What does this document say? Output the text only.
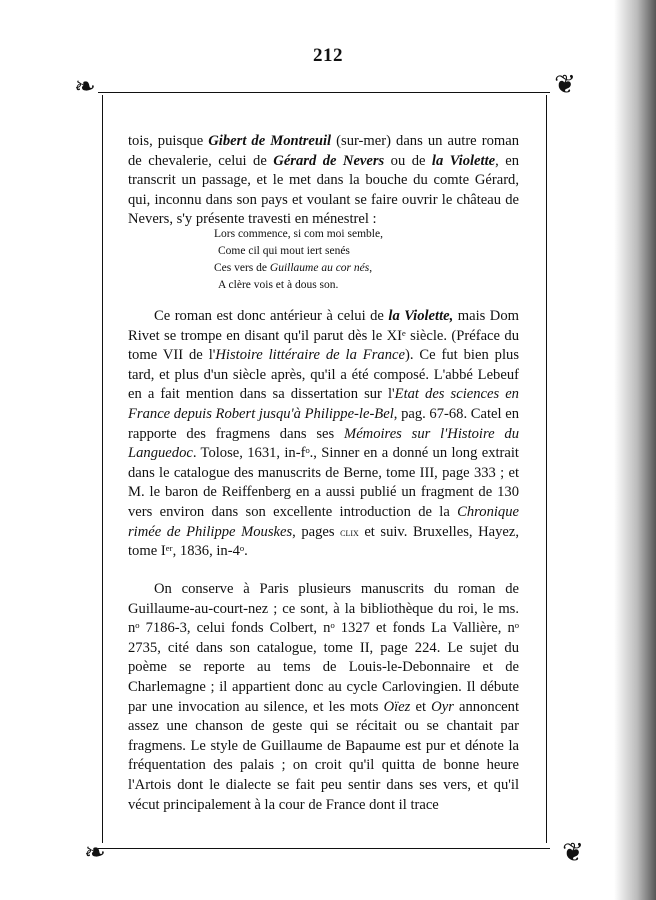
212
❧	❦
❧	❦

tois, puisque Gibert de Montreuil (sur-mer) dans un autre roman de chevalerie, celui de Gérard de Nevers ou de la Violette, en transcrit un passage, et le met dans la bouche du comte Gérard, qui, inconnu dans son pays et voulant se faire ouvrir le château de Nevers, s'y présente travesti en ménestrel :

Lors commence, si com moi semble,
Come cil qui mout iert senés
Ces vers de Guillaume au cor nés,
A clère vois et à dous son.

Ce roman est donc antérieur à celui de la Violette, mais Dom Rivet se trompe en disant qu'il parut dès le XIᵉ siècle. (Préface du tome VII de l'Histoire littéraire de la France). Ce fut bien plus tard, et plus d'un siècle après, qu'il a été composé. L'abbé Lebeuf en a fait mention dans sa dissertation sur l'Etat des sciences en France depuis Robert jusqu'à Philippe-le-Bel, pag. 67-68. Catel en rapporte des fragmens dans ses Mémoires sur l'Histoire du Languedoc. Tolose, 1631, in-fᵒ., Sinner en a donné un long extrait dans le catalogue des manuscrits de Berne, tome III, page 333 ; et M. le baron de Reiffenberg en a aussi publié un fragment de 130 vers environ dans son excellente introduction de la Chronique rimée de Philippe Mouskes, pages clix et suiv. Bruxelles, Hayez, tome Iᵉʳ, 1836, in-4ᵒ.

On conserve à Paris plusieurs manuscrits du roman de Guillaume-au-court-nez ; ce sont, à la bibliothèque du roi, le ms. nᵒ 7186-3, celui fonds Colbert, nᵒ 1327 et fonds La Vallière, nᵒ 2735, cité dans son catalogue, tome II, page 224. Le sujet du poème se reporte au tems de Louis-le-Debonnaire et de Charlemagne ; il appartient donc au cycle Carlovingien. Il débute par une invocation au silence, et les mots Oïez et Oyr annoncent assez une chanson de geste qui se récitait ou se chantait par fragmens. Le style de Guillaume de Bapaume est pur et dénote la fréquentation des palais ; on croit qu'il quitta de bonne heure l'Artois dont le dialecte se fait peu sentir dans ses vers, et qu'il vécut principalement à la cour de France dont il trace
